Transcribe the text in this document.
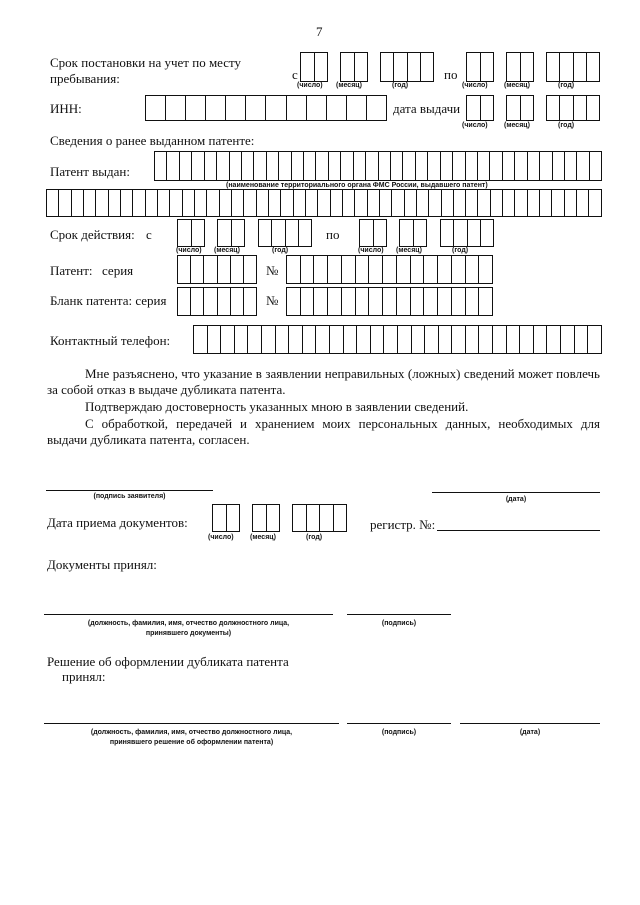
7
Срок постановки на учет по месту пребывания:	с
(число) (месяц)	(год)
по
(число) (месяц)	(год)
ИНН:	дата выдачи
(число) (месяц)	(год)
Сведения о ранее выданном патенте:
Патент выдан:
(наименование территориального органа ФМС России, выдавшего патент)
Срок действия: с
(число) (месяц)	(год)
по
(число) (месяц)	(год)
Патент: серия	№
Бланк патента: серия	№
Контактный телефон:
Мне разъяснено, что указание в заявлении неправильных (ложных) сведений может повлечь за собой отказ в выдаче дубликата патента.
Подтверждаю достоверность указанных мною в заявлении сведений.
С обработкой, передачей и хранением моих персональных данных, необходимых для выдачи дубликата патента, согласен.
(подпись заявителя)	(дата)
Дата приема документов:
(число) (месяц)	(год)
регистр. №:
Документы принял:
(должность, фамилия, имя, отчество должностного лица,
принявшего документы)
(подпись)
Решение об оформлении дубликата патента
принял:
(должность, фамилия, имя, отчество должностного лица,
принявшего решение об оформлении патента)
(подпись)	(дата)
